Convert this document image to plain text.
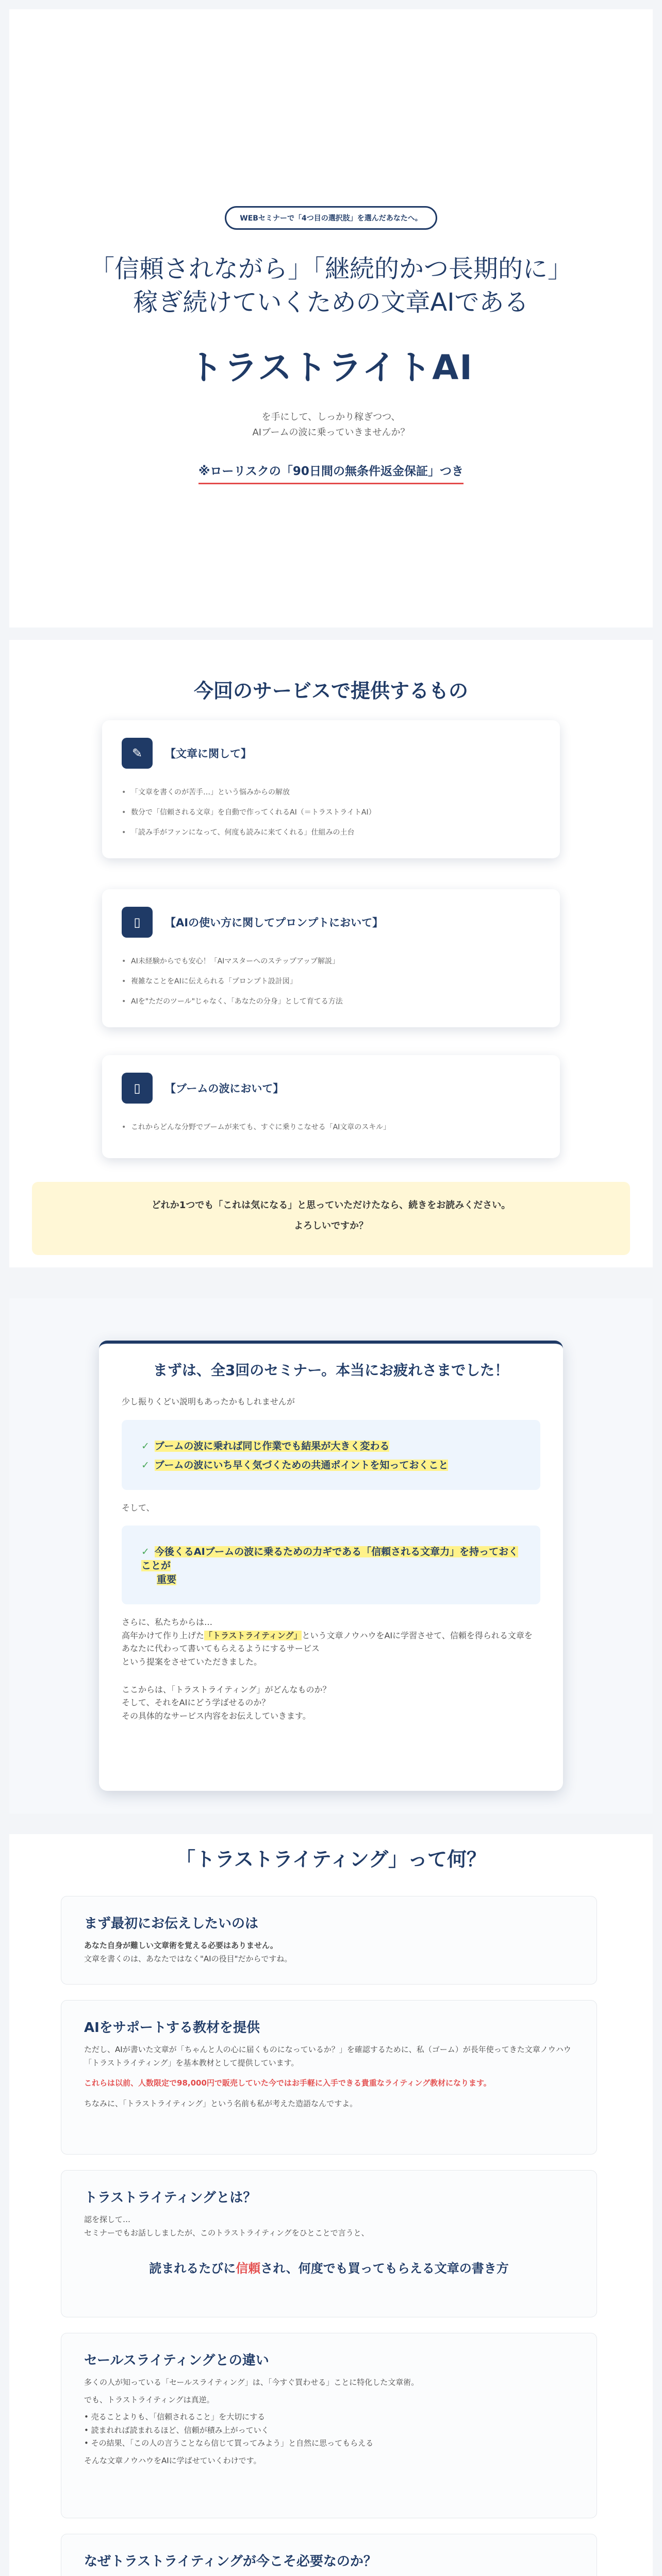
WEBセミナーで「4つ目の選択肢」を選んだあなたへ。
「信頼されながら」「継続的かつ長期的に」
稼ぎ続けていくための文章AIである
トラストライトAI
を手にして、しっかり稼ぎつつ、
AIブームの波に乗っていきませんか？
※ローリスクの「90日間の無条件返金保証」つき
今回のサービスで提供するもの
✎	【文章に関して】
• 「文章を書くのが苦手…」という悩みからの解放
• 数分で「信頼される文章」を自動で作ってくれるAI（＝トラストライトAI）
• 「読み手がファンになって、何度も読みに来てくれる」仕組みの土台
▯	【AIの使い方に関してプロンプトにおいて】
• AI未経験からでも安心！「AIマスターへのステップアップ解説」
• 複雑なことをAIに伝えられる「プロンプト設計図」
• AIを"ただのツール"じゃなく、「あなたの分身」として育てる方法
▯	【ブームの波において】
• これからどんな分野でブームが来ても、すぐに乗りこなせる「AI文章のスキル」
どれか1つでも「これは気になる」と思っていただけたなら、続きをお読みください。
よろしいですか？
まずは、全3回のセミナー。本当にお疲れさまでした！

少し振りくどい説明もあったかもしれませんが

✓ ブームの波に乗れば同じ作業でも結果が大きく変わる
✓ ブームの波にいち早く気づくための共通ポイントを知っておくこと

そして、

✓ 今後くるAIブームの波に乗るための力ギである「信頼される文章力」を持っておくことが
重要

さらに、私たちからは…

高年かけて作り上げた「トラストライティング」という文章ノウハウをAIに学習させて、信頼を得られる文章を

あなたに代わって書いてもらえるようにするサービス

という提案をさせていただきました。

ここからは、「トラストライティング」がどんなものか？

そして、それをAIにどう学ばせるのか？

その具体的なサービス内容をお伝えしていきます。

「トラストライティング」って何？
まず最初にお伝えしたいのは

あなた自身が難しい文章術を覚える必要はありません。

文章を書くのは、あなたではなく"AIの役目"だからですね。

AIをサポートする教材を提供

ただし、AIが書いた文章が「ちゃんと人の心に届くものになっているか？」を確認するために、私（ゴーム）が長年使ってきた文章ノウハウ「トラストライティング」を基本教材として提供しています。

これらは以前、人数限定で98,000円で販売していた今ではお手軽に入手できる貴重なライティング教材になります。

ちなみに、「トラストライティング」という名前も私が考えた造語なんですよ。

トラストライティングとは？

認を探して…

セミナーでもお話ししましたが、このトラストライティングをひとことで言うと、

読まれるたびに信頼され、何度でも買ってもらえる文章の書き方
セールスライティングとの違い

多くの人が知っている「セールスライティング」は、「今すぐ買わせる」ことに特化した文章術。

でも、トラストライティングは真逆。

• 売ることよりも、「信頼されること」を大切にする

• 読まれれば読まれるほど、信頼が積み上がっていく

• その結果、「この人の言うことなら信じて買ってみよう」と自然に思ってもらえる

そんな文章ノウハウをAIに学ばせていくわけです。

なぜトラストライティングが今こそ必要なのか？
